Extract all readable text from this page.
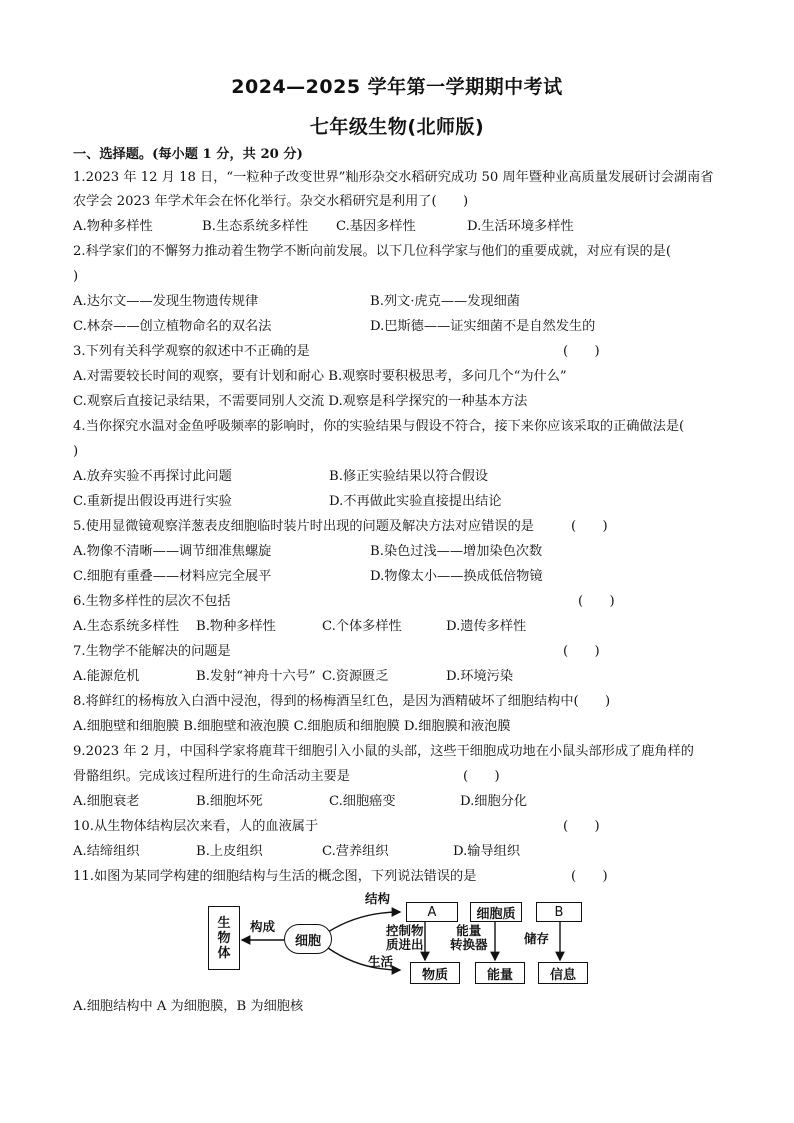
2024—2025 学年第一学期期中考试
七年级生物(北师版)
一、选择题。(每小题 1 分，共 20 分)
1.2023 年 12 月 18 日，“一粒种子改变世界”籼形杂交水稻研究成功 50 周年暨种业高质量发展研讨会湖南省
农学会 2023 年学术年会在怀化举行。杂交水稻研究是利用了(　　)
A.物种多样性	B.生态系统多样性 C.基因多样性	D.生活环境多样性
2.科学家们的不懈努力推动着生物学不断向前发展。以下几位科学家与他们的重要成就，对应有误的是(
)
A.达尔文——发现生物遗传规律	B.列文·虎克——发现细菌
C.林奈——创立植物命名的双名法	D.巴斯德——证实细菌不是自然发生的
3.下列有关科学观察的叙述中不正确的是	(　　)
A.对需要较长时间的观察，要有计划和耐心 B.观察时要积极思考，多问几个“为什么”
C.观察后直接记录结果，不需要同别人交流 D.观察是科学探究的一种基本方法
4.当你探究水温对金鱼呼吸频率的影响时，你的实验结果与假设不符合，接下来你应该采取的正确做法是(
)
A.放弃实验不再探讨此问题	B.修正实验结果以符合假设
C.重新提出假设再进行实验	D.不再做此实验直接提出结论
5.使用显微镜观察洋葱表皮细胞临时装片时出现的问题及解决方法对应错误的是	(　　)
A.物像不清晰——调节细准焦螺旋	B.染色过浅——增加染色次数
C.细胞有重叠——材料应完全展平	D.物像太小——换成低倍物镜
6.生物多样性的层次不包括	(　　)
A.生态系统多样性 B.物种多样性	C.个体多样性	D.遗传多样性
7.生物学不能解决的问题是	(　　)
A.能源危机	B.发射“神舟十六号” C.资源匮乏	D.环境污染
8.将鲜红的杨梅放入白酒中浸泡，得到的杨梅酒呈红色，是因为酒精破坏了细胞结构中(　　)
A.细胞壁和细胞膜 B.细胞壁和液泡膜 C.细胞质和细胞膜 D.细胞膜和液泡膜
9.2023 年 2 月，中国科学家将鹿茸干细胞引入小鼠的头部，这些干细胞成功地在小鼠头部形成了鹿角样的
骨骼组织。完成该过程所进行的生命活动主要是	(　　)
A.细胞衰老	B.细胞坏死	C.细胞癌变	D.细胞分化
10.从生物体结构层次来看，人的血液属于	(　　)
A.结缔组织	B.上皮组织	C.营养组织	D.输导组织
11.如图为某同学构建的细胞结构与生活的概念图，下列说法错误的是	(　　)
生
物
体
构成
细胞
结构
生活
A	细胞质	B
控制物
质进出
能量
转换器	储存
物质	能量	信息
A.细胞结构中 A 为细胞膜，B 为细胞核
